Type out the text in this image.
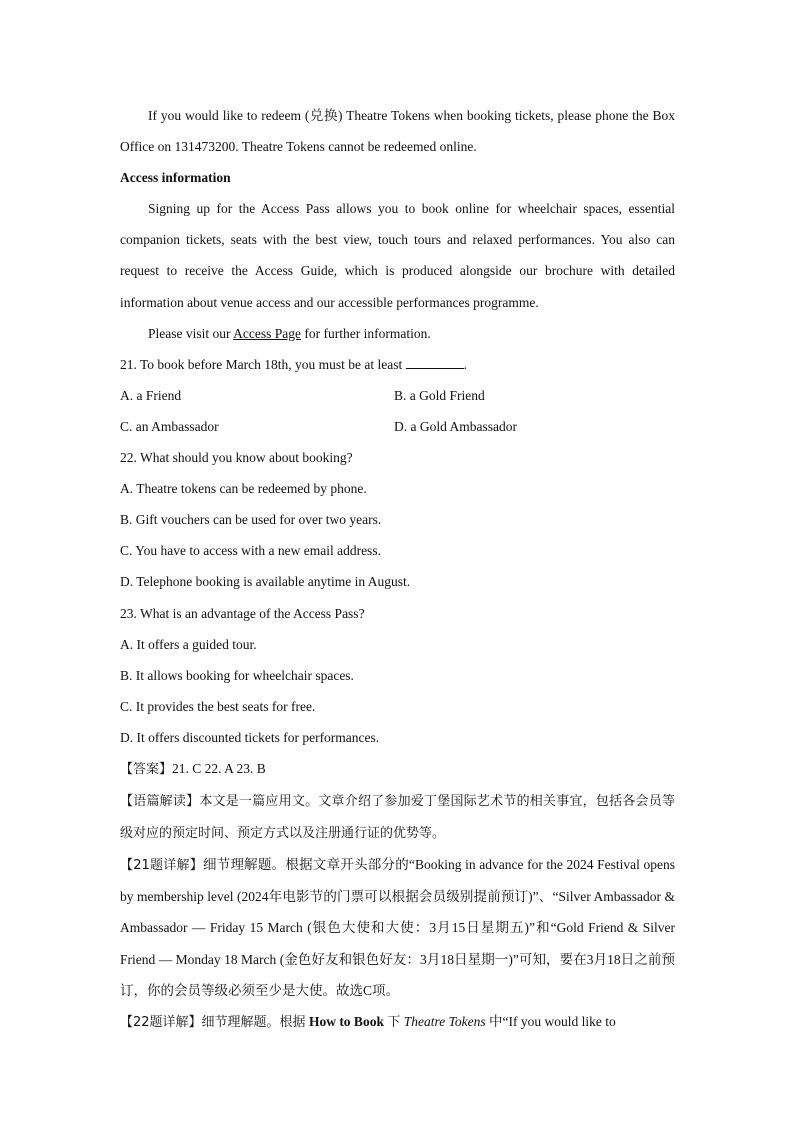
If you would like to redeem (兑换) Theatre Tokens when booking tickets, please phone the Box Office on 131473200. Theatre Tokens cannot be redeemed online.

Access information

Signing up for the Access Pass allows you to book online for wheelchair spaces, essential companion tickets, seats with the best view, touch tours and relaxed performances. You also can request to receive the Access Guide, which is produced alongside our brochure with detailed information about venue access and our accessible performances programme.

Please visit our Access Page for further information.

21. To book before March 18th, you must be at least	.

A. a Friend	B. a Gold Friend
C. an Ambassador	D. a Gold Ambassador

22. What should you know about booking?

A. Theatre tokens can be redeemed by phone.

B. Gift vouchers can be used for over two years.

C. You have to access with a new email address.

D. Telephone booking is available anytime in August.

23. What is an advantage of the Access Pass?

A. It offers a guided tour.

B. It allows booking for wheelchair spaces.

C. It provides the best seats for free.

D. It offers discounted tickets for performances.

【答案】21. C 22. A 23. B

【语篇解读】本文是一篇应用文。文章介绍了参加爱丁堡国际艺术节的相关事宜，包括各会员等级对应的预定时间、预定方式以及注册通行证的优势等。

【21题详解】细节理解题。根据文章开头部分的“Booking in advance for the 2024 Festival opens by membership level (2024年电影节的门票可以根据会员级别提前预订)”、“Silver Ambassador & Ambassador — Friday 15 March (银色大使和大使：3月15日星期五)”和“Gold Friend & Silver Friend — Monday 18 March (金色好友和银色好友：3月18日星期一)”可知，要在3月18日之前预订，你的会员等级必须至少是大使。故选C项。

【22题详解】细节理解题。根据 How to Book 下 Theatre Tokens 中“If you would like to
